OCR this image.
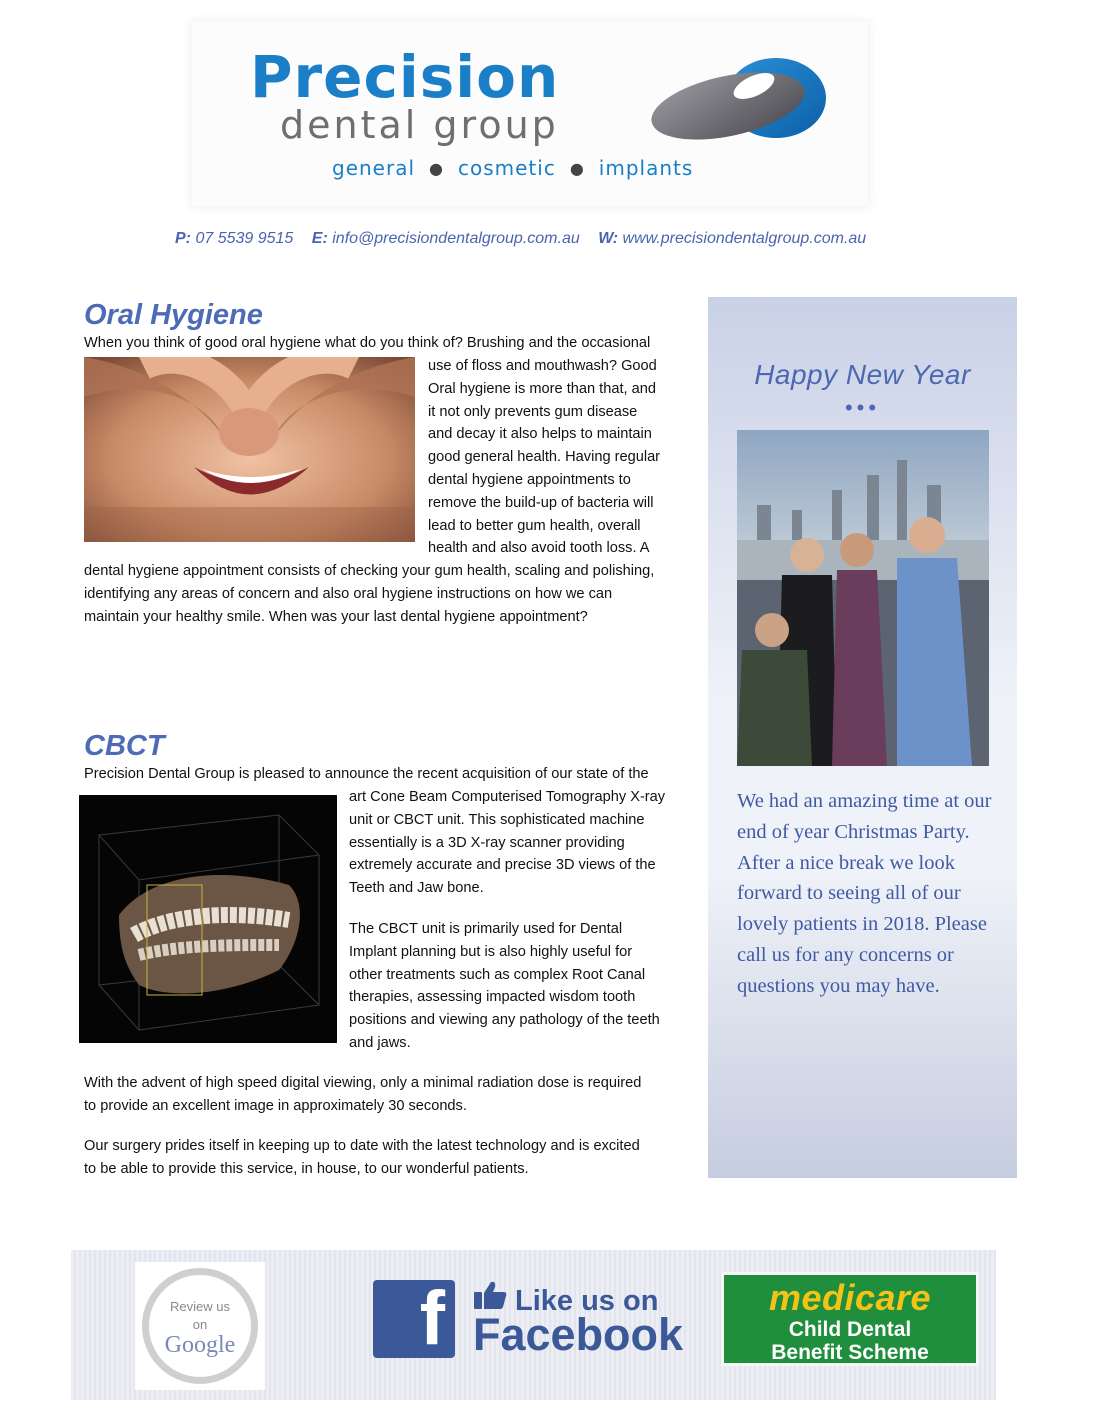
Precision
dental group
general ● cosmetic ● implants
P: 07 5539 9515 E: info@precisiondentalgroup.com.au W: www.precisiondentalgroup.com.au
Oral Hygiene
When you think of good oral hygiene what do you think of? Brushing and the occasional
use of floss and mouthwash? Good
Oral hygiene is more than that, and
it not only prevents gum disease
and decay it also helps to maintain
good general health. Having regular
dental hygiene appointments to
remove the build-up of bacteria will
lead to better gum health, overall
health and also avoid tooth loss. A
dental hygiene appointment consists of checking your gum health, scaling and polishing,
identifying any areas of concern and also oral hygiene instructions on how we can
maintain your healthy smile. When was your last dental hygiene appointment?
CBCT
Precision Dental Group is pleased to announce the recent acquisition of our state of the
art Cone Beam Computerised Tomography X-ray
unit or CBCT unit. This sophisticated machine
essentially is a 3D X-ray scanner providing
extremely accurate and precise 3D views of the
Teeth and Jaw bone.
The CBCT unit is primarily used for Dental
Implant planning but is also highly useful for
other treatments such as complex Root Canal
therapies, assessing impacted wisdom tooth
positions and viewing any pathology of the teeth
and jaws.
With the advent of high speed digital viewing, only a minimal radiation dose is required
to provide an excellent image in approximately 30 seconds.
Our surgery prides itself in keeping up to date with the latest technology and is excited
to be able to provide this service, in house, to our wonderful patients.
Happy New Year
•••
We had an amazing time at our end of year Christmas Party. After a nice break we look forward to seeing all of our lovely patients in 2018. Please call us for any concerns or questions you may have.
Review us
on
Google	f	Like us on
Facebook
medicare
Child Dental
Benefit Scheme
